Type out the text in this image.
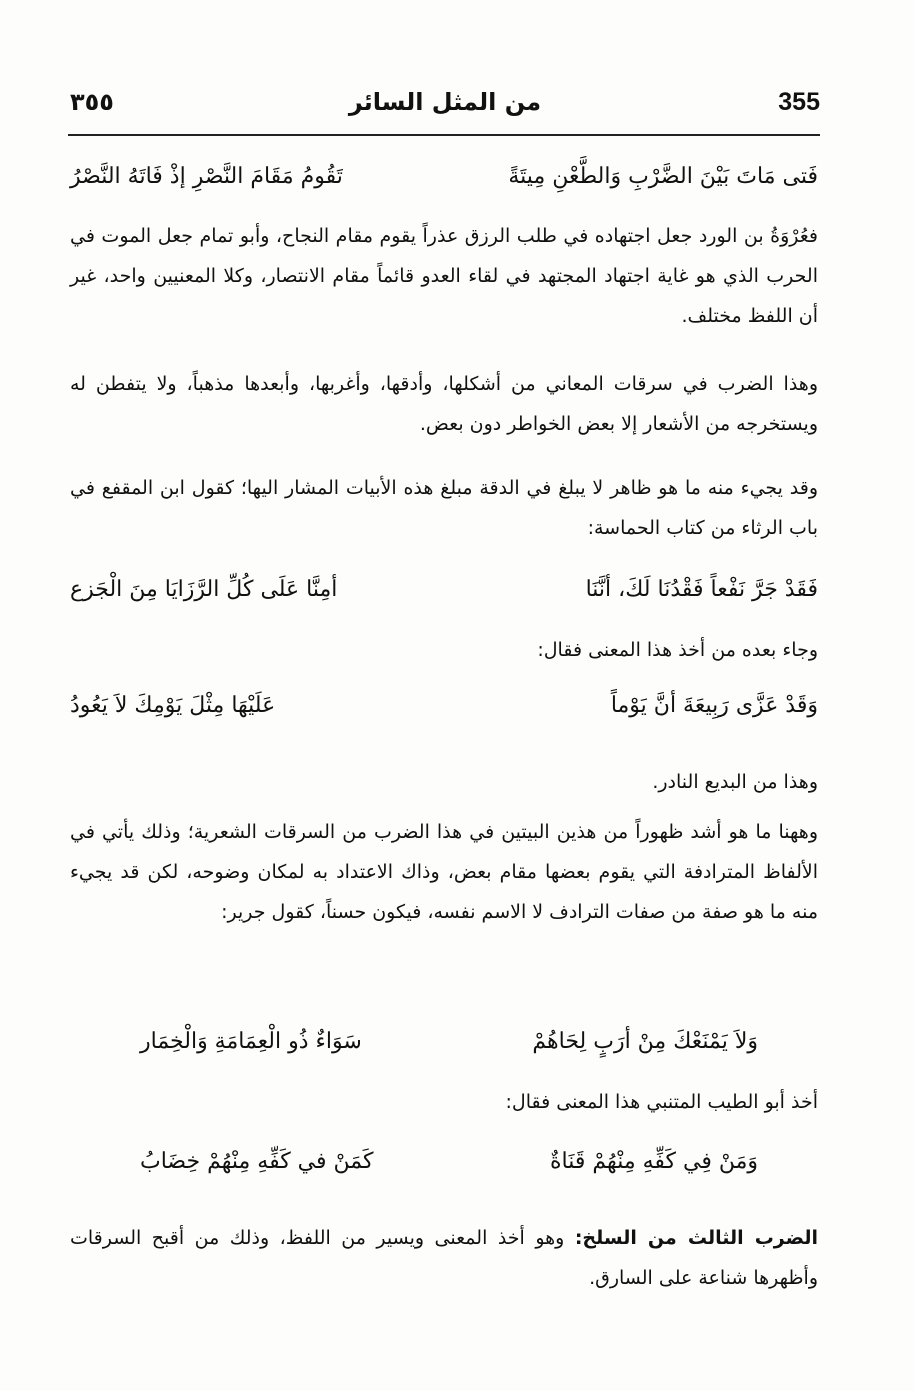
355
من المثل السائر
٣٥٥
فَتى مَاتَ بَيْنَ الضَّرْبِ وَالطَّعْنِ مِيتَةً
تَقُومُ مَقَامَ النَّصْرِ إذْ فَاتَهُ النَّصْرُ
فعُرْوَةُ بن الورد جعل اجتهاده في طلب الرزق عذراً يقوم مقام النجاح، وأبو تمام جعل الموت في الحرب الذي هو غاية اجتهاد المجتهد في لقاء العدو قائماً مقام الانتصار، وكلا المعنيين واحد، غير أن اللفظ مختلف.
وهذا الضرب في سرقات المعاني من أشكلها، وأدقها، وأغربها، وأبعدها مذهباً، ولا يتفطن له ويستخرجه من الأشعار إلا بعض الخواطر دون بعض.
وقد يجيء منه ما هو ظاهر لا يبلغ في الدقة مبلغ هذه الأبيات المشار اليها؛ كقول ابن المقفع في باب الرثاء من كتاب الحماسة:
فَقَدْ جَرَّ نَفْعاً فَقْدُنَا لَكَ، أنَّنَا
أمِنَّا عَلَى كُلِّ الرَّزَايَا مِنَ الْجَزع
وجاء بعده من أخذ هذا المعنى فقال:
وَقَدْ عَزَّى رَبِيعَةَ أنَّ يَوْماً
عَلَيْهَا مِثْلَ يَوْمِكَ لاَ يَعُودُ
وهذا من البديع النادر.
وههنا ما هو أشد ظهوراً من هذين البيتين في هذا الضرب من السرقات الشعرية؛ وذلك يأتي في الألفاظ المترادفة التي يقوم بعضها مقام بعض، وذاك الاعتداد به لمكان وضوحه، لكن قد يجيء منه ما هو صفة من صفات الترادف لا الاسم نفسه، فيكون حسناً، كقول جرير:
وَلاَ يَمْنَعْكَ مِنْ أرَبٍ لِحَاهُمْ
سَوَاءٌ ذُو الْعِمَامَةِ وَالْخِمَار
أخذ أبو الطيب المتنبي هذا المعنى فقال:
وَمَنْ فِي كَفِّهِ مِنْهُمْ قَنَاةٌ
كَمَنْ في كَفِّهِ مِنْهُمْ خِضَابُ
الضرب الثالث من السلخ: وهو أخذ المعنى ويسير من اللفظ، وذلك من أقبح السرقات وأظهرها شناعة على السارق.
